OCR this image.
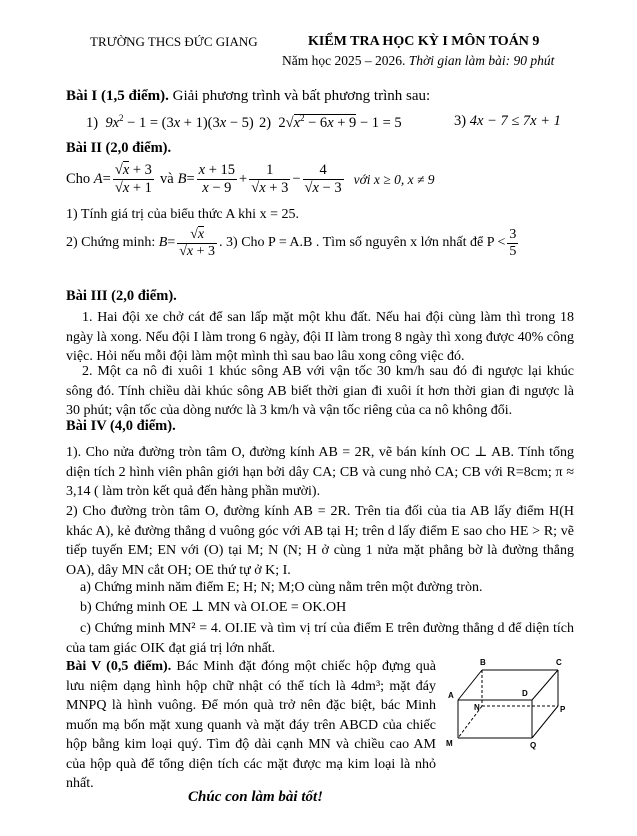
TRƯỜNG THCS ĐỨC GIANG	KIỂM TRA HỌC KỲ I MÔN TOÁN 9
Năm học 2025 – 2026. Thời gian làm bài: 90 phút
Bài I (1,5 điểm). Giải phương trình và bất phương trình sau:
1) $9x^2 - 1 = (3x + 1)(3x - 5)$ 2)  $2√x^2 - 6x + 9 - 1 = 5$	3) 4x − 7 ≤ 7x + 1
Bài II (2,0 điểm).
Cho $A = \frac{√x + 3}{√x + 1}$ và $B = \frac{x + 15}{x - 9} + \frac{1}{√x + 3} - \frac{4}{√x - 3}$ với x ≥ 0, x ≠ 9
1) Tính giá trị của biểu thức A khi x = 25.
2) Chứng minh: $B = \frac{√x}{√x + 3}$ . 3) Cho P = A.B . Tìm số nguyên x lớn nhất để $P < \frac{3}{5}$
Bài III (2,0 điểm).
1. Hai đội xe chở cát để san lấp mặt một khu đất. Nếu hai đội cùng làm thì trong 18 ngày là xong. Nếu đội I làm trong 6 ngày, đội II làm trong 8 ngày thì xong được 40% công việc. Hỏi nếu mỗi đội làm một mình thì sau bao lâu xong công việc đó.
2. Một ca nô đi xuôi 1 khúc sông AB với vận tốc 30 km/h sau đó đi ngược lại khúc sông đó. Tính chiều dài khúc sông AB biết thời gian đi xuôi ít hơn thời gian đi ngược là 30 phút; vận tốc của dòng nước là 3 km/h và vận tốc riêng của ca nô không đổi.
Bài IV (4,0 điểm).
1). Cho nửa đường tròn tâm O, đường kính AB = 2R, vẽ bán kính OC ⊥ AB. Tính tổng diện tích 2 hình viên phân giới hạn bởi dây CA; CB và cung nhỏ CA; CB với R=8cm; π ≈ 3,14 ( làm tròn kết quả đến hàng phần mười).
2) Cho đường tròn tâm O, đường kính AB = 2R. Trên tia đối của tia AB lấy điểm H(H khác A), kẻ đường thẳng d vuông góc với AB tại H; trên d lấy điểm E sao cho HE > R; vẽ tiếp tuyến EM; EN với (O) tại M; N (N; H ở cùng 1 nửa mặt phẳng bờ là đường thẳng OA), dây MN cắt OH; OE thứ tự ở K; I.
a) Chứng minh năm điểm E; H; N; M;O cùng nằm trên một đường tròn.
b) Chứng minh OE ⊥ MN và OI.OE = OK.OH
c) Chứng minh MN² = 4. OI.IE và tìm vị trí của điểm E trên đường thẳng d để diện tích của tam giác OIK đạt giá trị lớn nhất.
Bài V (0,5 điểm). Bác Minh đặt đóng một chiếc hộp đựng quà lưu niệm dạng hình hộp chữ nhật có thể tích là 4dm³; mặt đáy MNPQ là hình vuông. Để món quà trở nên đặc biệt, bác Minh muốn mạ bốn mặt xung quanh và mặt đáy trên ABCD của chiếc hộp bằng kim loại quý. Tìm độ dài cạnh MN và chiều cao AM của hộp quà để tổng diện tích các mặt được mạ kim loại là nhỏ nhất.
B	C
A	D
N	P
M	Q
Chúc con làm bài tốt!
